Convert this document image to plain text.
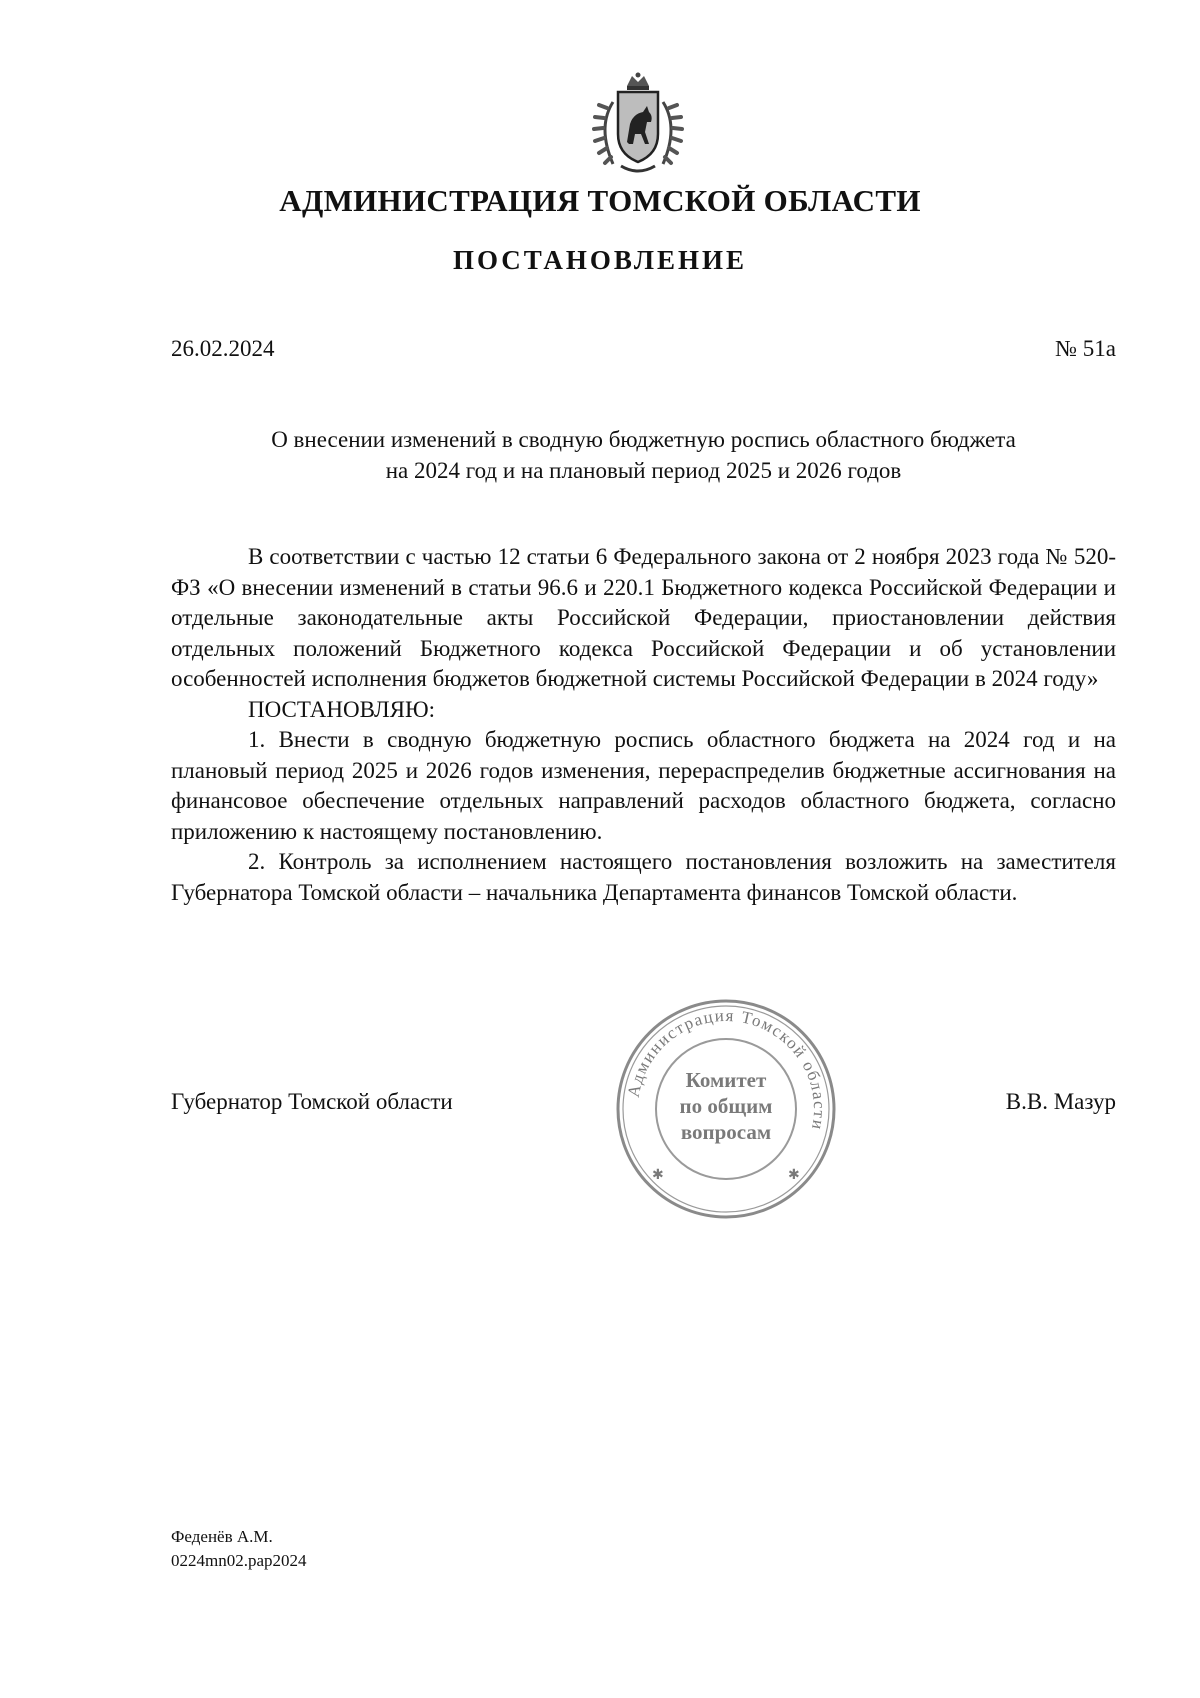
АДМИНИСТРАЦИЯ ТОМСКОЙ ОБЛАСТИ
ПОСТАНОВЛЕНИЕ
26.02.2024	№ 51а
О внесении изменений в сводную бюджетную роспись областного бюджета
на 2024 год и на плановый период 2025 и 2026 годов

В соответствии с частью 12 статьи 6 Федерального закона от 2 ноября 2023 года № 520-ФЗ «О внесении изменений в статьи 96.6 и 220.1 Бюджетного кодекса Российской Федерации и отдельные законодательные акты Российской Федерации, приостановлении действия отдельных положений Бюджетного кодекса Российской Федерации и об установлении особенностей исполнения бюджетов бюджетной системы Российской Федерации в 2024 году»

ПОСТАНОВЛЯЮ:

1. Внести в сводную бюджетную роспись областного бюджета на 2024 год и на плановый период 2025 и 2026 годов изменения, перераспределив бюджетные ассигнования на финансовое обеспечение отдельных направлений расходов областного бюджета, согласно приложению к настоящему постановлению.

2. Контроль за исполнением настоящего постановления возложить на заместителя Губернатора Томской области – начальника Департамента финансов Томской области.

Губернатор Томской области	Администрация Томской области
✱	✱
Комитет
по общим
вопросам
В.В. Мазур
Феденёв А.М.
0224mn02.pap2024
